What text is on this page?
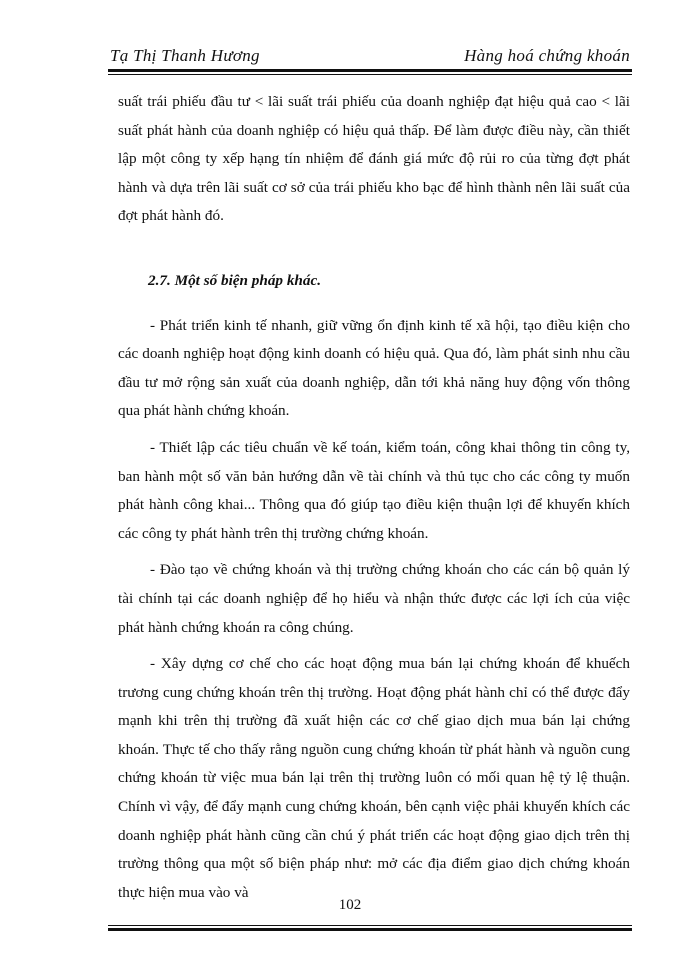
Tạ Thị Thanh Hương	Hàng hoá chứng khoán

suất trái phiếu đầu tư < lãi suất trái phiếu của doanh nghiệp đạt hiệu quả cao < lãi suất phát hành của doanh nghiệp có hiệu quả thấp. Để làm được điều này, cần thiết lập một công ty xếp hạng tín nhiệm để đánh giá mức độ rủi ro của từng đợt phát hành và dựa trên lãi suất cơ sở của trái phiếu kho bạc để hình thành nên lãi suất của đợt phát hành đó.

2.7. Một số biện pháp khác.

- Phát triển kinh tế nhanh, giữ vững ổn định kinh tế xã hội, tạo điều kiện cho các doanh nghiệp hoạt động kinh doanh có hiệu quả. Qua đó, làm phát sinh nhu cầu đầu tư mở rộng sản xuất của doanh nghiệp, dẫn tới khả năng huy động vốn thông qua phát hành chứng khoán.

- Thiết lập các tiêu chuẩn về kế toán, kiểm toán, công khai thông tin công ty, ban hành một số văn bản hướng dẫn về tài chính và thủ tục cho các công ty muốn phát hành công khai... Thông qua đó giúp tạo điều kiện thuận lợi để khuyến khích các công ty phát hành trên thị trường chứng khoán.

- Đào tạo về chứng khoán và thị trường chứng khoán cho các cán bộ quản lý tài chính tại các doanh nghiệp để họ hiểu và nhận thức được các lợi ích của việc phát hành chứng khoán ra công chúng.

- Xây dựng cơ chế cho các hoạt động mua bán lại chứng khoán để khuếch trương cung chứng khoán trên thị trường. Hoạt động phát hành chỉ có thể được đẩy mạnh khi trên thị trường đã xuất hiện các cơ chế giao dịch mua bán lại chứng khoán. Thực tế cho thấy rằng nguồn cung chứng khoán từ phát hành và nguồn cung chứng khoán từ việc mua bán lại trên thị trường luôn có mối quan hệ tỷ lệ thuận. Chính vì vậy, để đẩy mạnh cung chứng khoán, bên cạnh việc phải khuyến khích các doanh nghiệp phát hành cũng cần chú ý phát triển các hoạt động giao dịch trên thị trường thông qua một số biện pháp như: mở các địa điểm giao dịch chứng khoán thực hiện mua vào và

102
